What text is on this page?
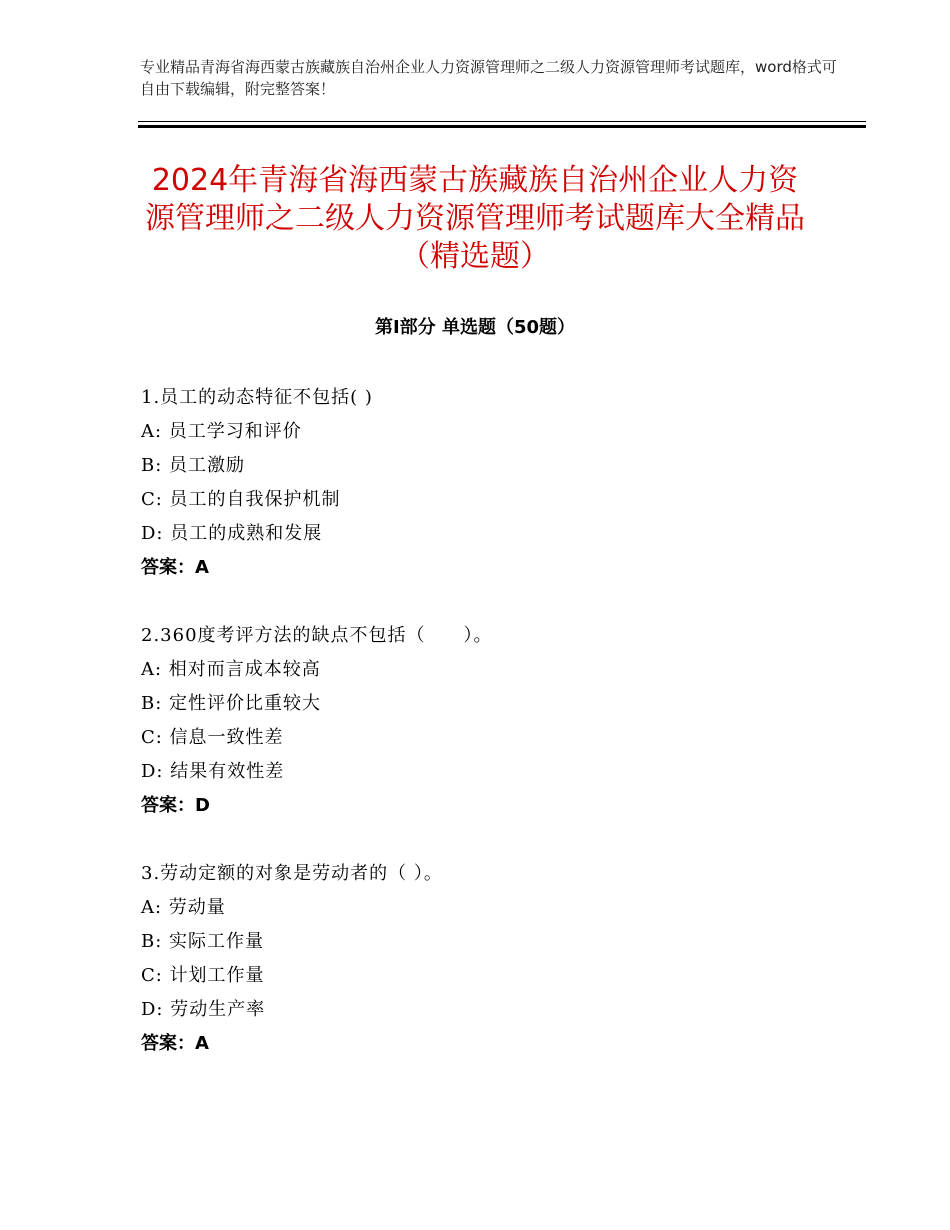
专业精品青海省海西蒙古族藏族自治州企业人力资源管理师之二级人力资源管理师考试题库，word格式可自由下载编辑，附完整答案！
2024年青海省海西蒙古族藏族自治州企业人力资源管理师之二级人力资源管理师考试题库大全精品（精选题）
第Ⅰ部分 单选题（50题）
1.员工的动态特征不包括( )
A: 员工学习和评价
B: 员工激励
C: 员工的自我保护机制
D: 员工的成熟和发展
答案：A
2.360度考评方法的缺点不包括（　　）。
A: 相对而言成本较高
B: 定性评价比重较大
C: 信息一致性差
D: 结果有效性差
答案：D
3.劳动定额的对象是劳动者的（ ）。
A: 劳动量
B: 实际工作量
C: 计划工作量
D: 劳动生产率
答案：A
